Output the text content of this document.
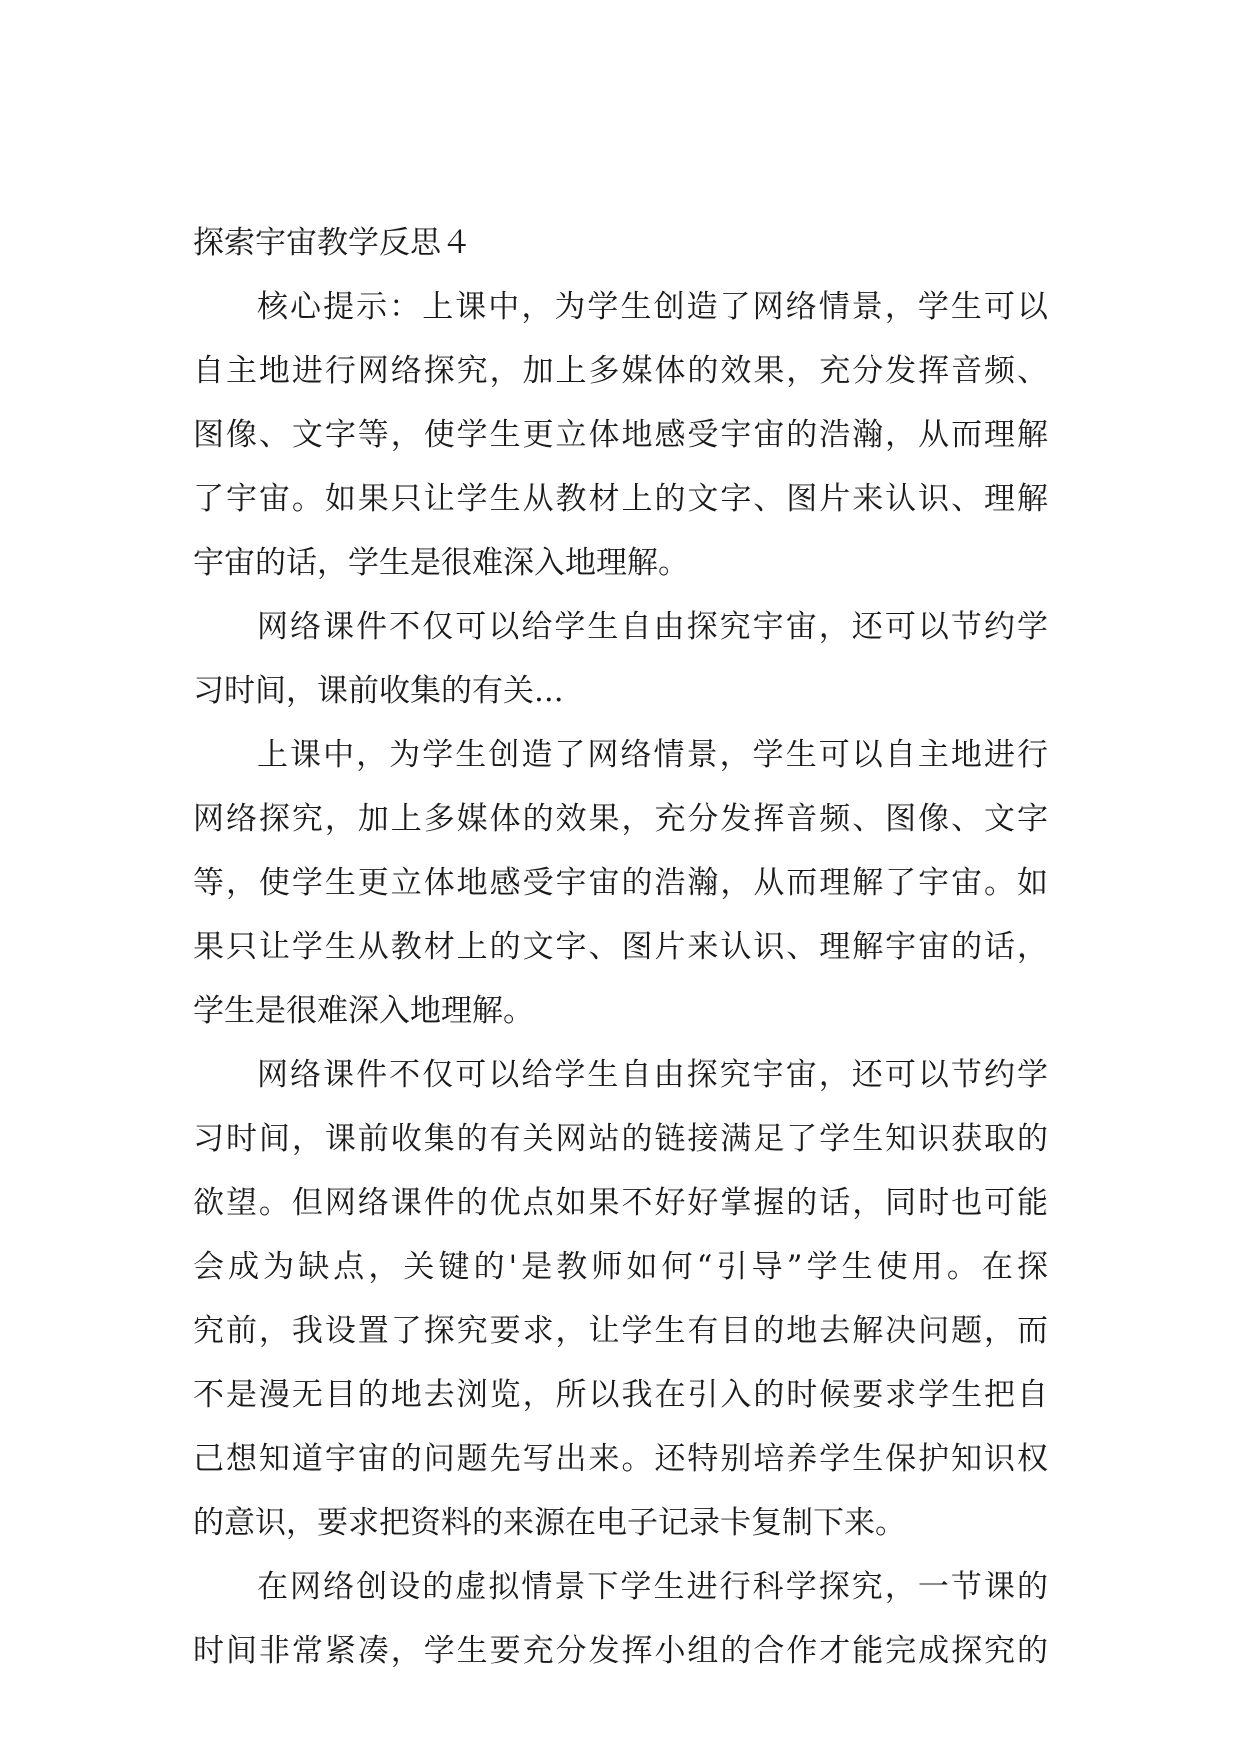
探索宇宙教学反思４
核心提示：上课中，为学生创造了网络情景，学生可以
自主地进行网络探究，加上多媒体的效果，充分发挥音频、
图像、文字等，使学生更立体地感受宇宙的浩瀚，从而理解
了宇宙。如果只让学生从教材上的文字、图片来认识、理解
宇宙的话，学生是很难深入地理解。
网络课件不仅可以给学生自由探究宇宙，还可以节约学
习时间，课前收集的有关...
上课中，为学生创造了网络情景，学生可以自主地进行
网络探究，加上多媒体的效果，充分发挥音频、图像、文字
等，使学生更立体地感受宇宙的浩瀚，从而理解了宇宙。如
果只让学生从教材上的文字、图片来认识、理解宇宙的话，
学生是很难深入地理解。
网络课件不仅可以给学生自由探究宇宙，还可以节约学
习时间，课前收集的有关网站的链接满足了学生知识获取的
欲望。但网络课件的优点如果不好好掌握的话，同时也可能
会成为缺点，关键的'是教师如何“引导”学生使用。在探
究前，我设置了探究要求，让学生有目的地去解决问题，而
不是漫无目的地去浏览，所以我在引入的时候要求学生把自
己想知道宇宙的问题先写出来。还特别培养学生保护知识权
的意识，要求把资料的来源在电子记录卡复制下来。
在网络创设的虚拟情景下学生进行科学探究，一节课的
时间非常紧凑，学生要充分发挥小组的合作才能完成探究的
